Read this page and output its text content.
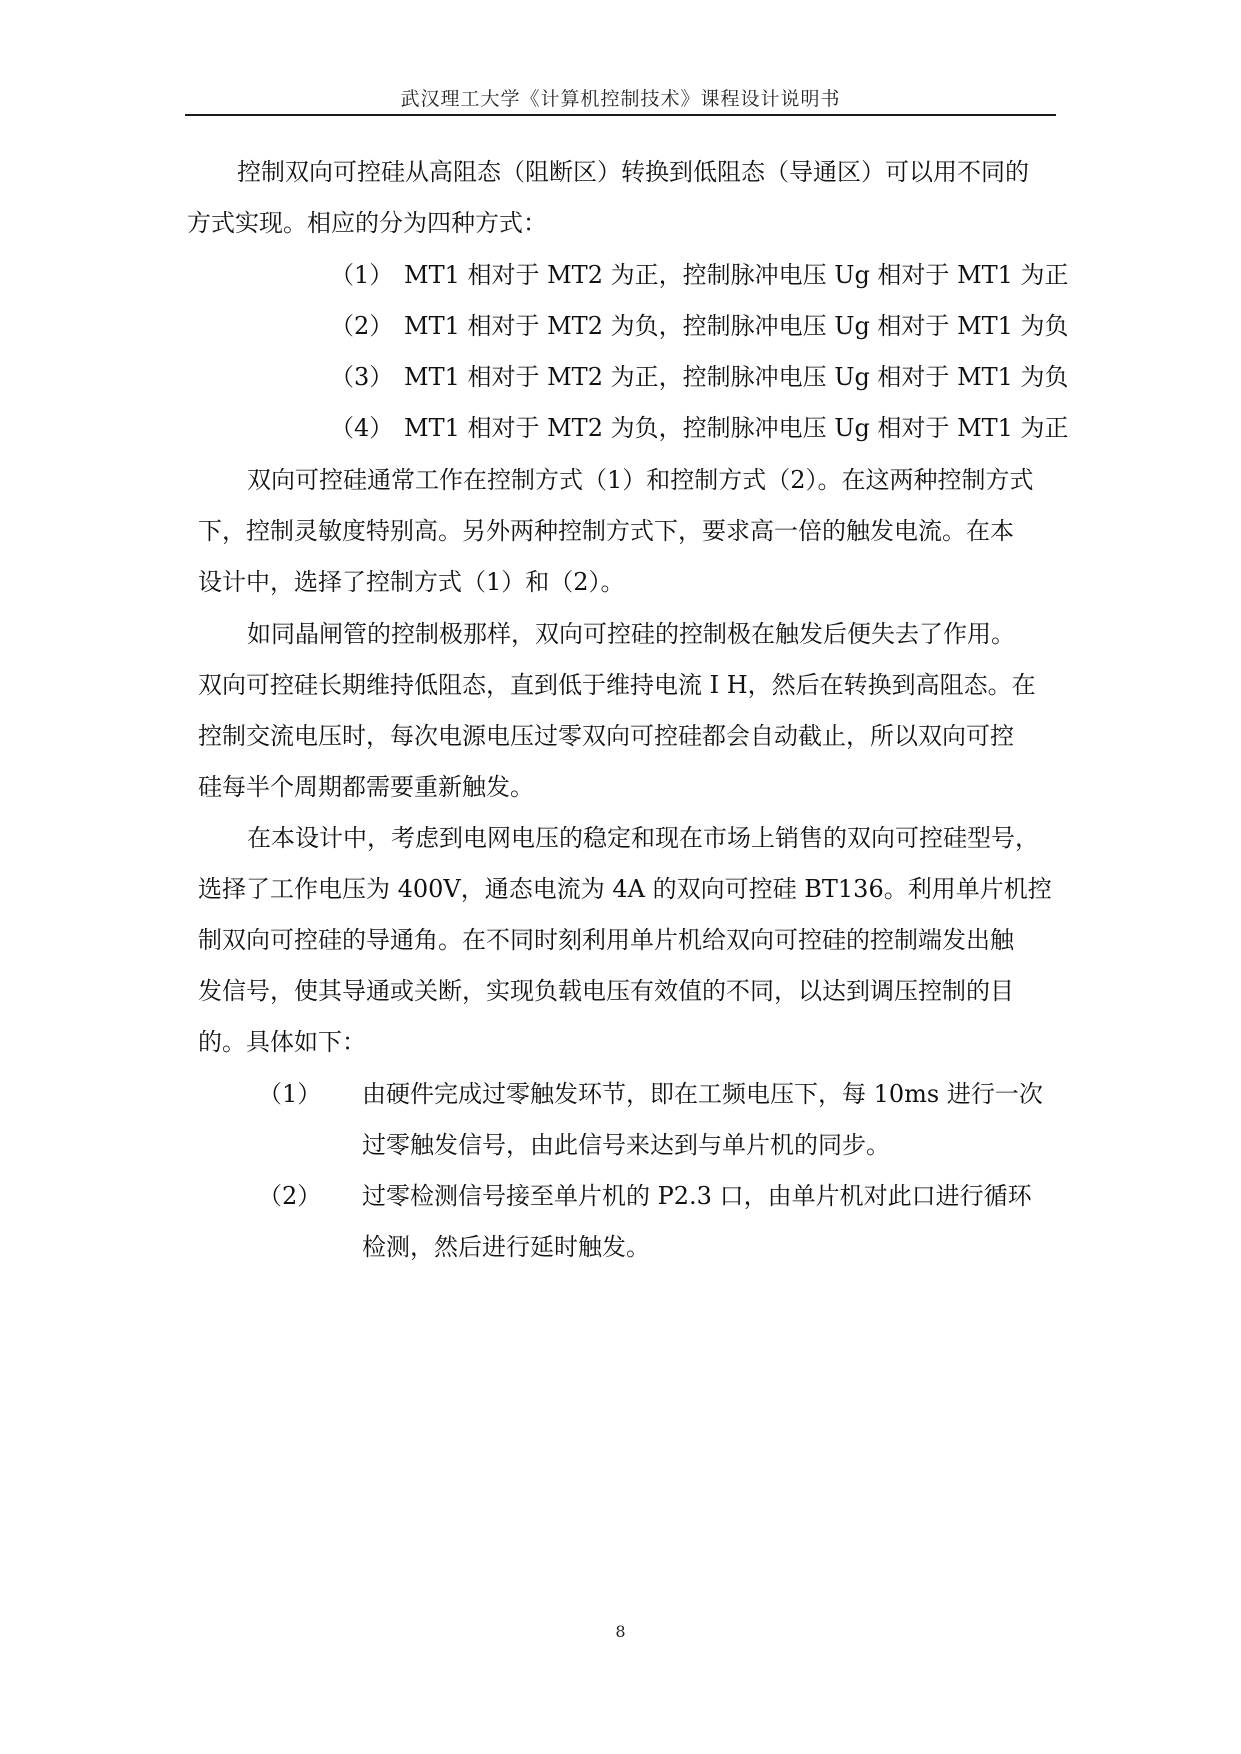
武汉理工大学《计算机控制技术》课程设计说明书
控制双向可控硅从高阻态（阻断区）转换到低阻态（导通区）可以用不同的
方式实现。相应的分为四种方式：
（1） MT1 相对于 MT2 为正，控制脉冲电压 Ug 相对于 MT1 为正
（2） MT1 相对于 MT2 为负，控制脉冲电压 Ug 相对于 MT1 为负
（3） MT1 相对于 MT2 为正，控制脉冲电压 Ug 相对于 MT1 为负
（4） MT1 相对于 MT2 为负，控制脉冲电压 Ug 相对于 MT1 为正
双向可控硅通常工作在控制方式（1）和控制方式（2）。在这两种控制方式
下，控制灵敏度特别高。另外两种控制方式下，要求高一倍的触发电流。在本
设计中，选择了控制方式（1）和（2）。
如同晶闸管的控制极那样，双向可控硅的控制极在触发后便失去了作用。
双向可控硅长期维持低阻态，直到低于维持电流 I H，然后在转换到高阻态。在
控制交流电压时，每次电源电压过零双向可控硅都会自动截止，所以双向可控
硅每半个周期都需要重新触发。
在本设计中，考虑到电网电压的稳定和现在市场上销售的双向可控硅型号，
选择了工作电压为 400V，通态电流为 4A 的双向可控硅 BT136。利用单片机控
制双向可控硅的导通角。在不同时刻利用单片机给双向可控硅的控制端发出触
发信号，使其导通或关断，实现负载电压有效值的不同，以达到调压控制的目
的。具体如下：
（1） 由硬件完成过零触发环节，即在工频电压下，每 10ms 进行一次
过零触发信号，由此信号来达到与单片机的同步。
（2） 过零检测信号接至单片机的 P2.3 口，由单片机对此口进行循环
检测，然后进行延时触发。
8
